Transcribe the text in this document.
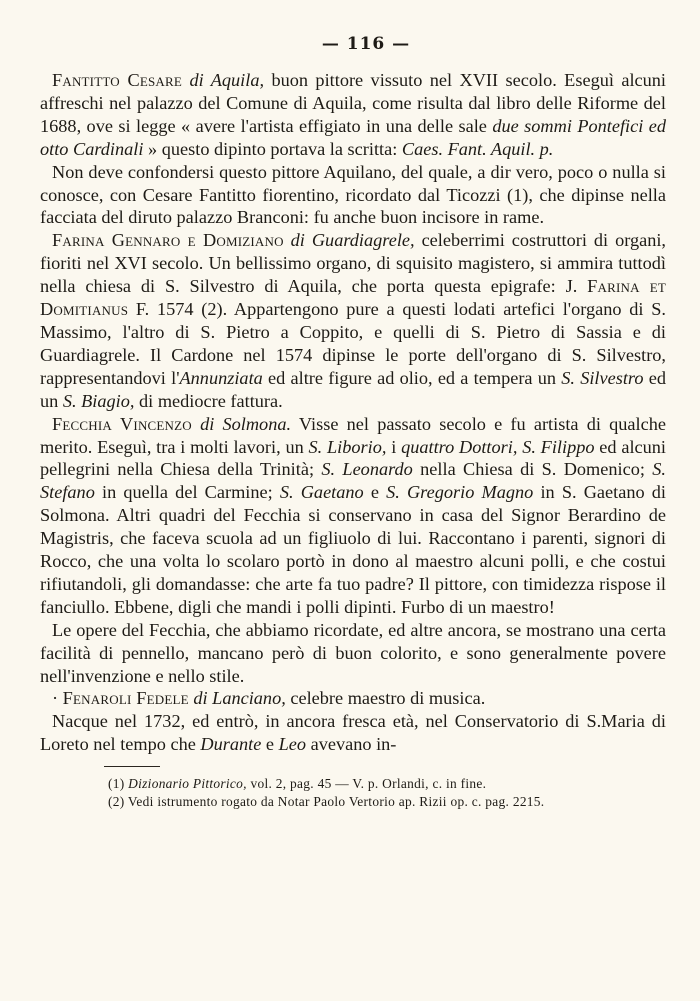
— 116 —

Fantitto Cesare di Aquila, buon pittore vissuto nel XVII secolo. Eseguì alcuni affreschi nel palazzo del Comune di Aquila, come risulta dal libro delle Riforme del 1688, ove si legge « avere l'artista effigiato in una delle sale due sommi Pontefici ed otto Cardinali » questo dipinto portava la scritta: Caes. Fant. Aquil. p.

Non deve confondersi questo pittore Aquilano, del quale, a dir vero, poco o nulla si conosce, con Cesare Fantitto fiorentino, ricordato dal Ticozzi (1), che dipinse nella facciata del diruto palazzo Branconi: fu anche buon incisore in rame.

Farina Gennaro e Domiziano di Guardiagrele, celeberrimi costruttori di organi, fioriti nel XVI secolo. Un bellissimo organo, di squisito magistero, si ammira tuttodì nella chiesa di S. Silvestro di Aquila, che porta questa epigrafe: J. Farina et Domitianus F. 1574 (2). Appartengono pure a questi lodati artefici l'organo di S. Massimo, l'altro di S. Pietro a Coppito, e quelli di S. Pietro di Sassia e di Guardiagrele. Il Cardone nel 1574 dipinse le porte dell'organo di S. Silvestro, rappresentandovi l'Annunziata ed altre figure ad olio, ed a tempera un S. Silvestro ed un S. Biagio, di mediocre fattura.

Fecchia Vincenzo di Solmona. Visse nel passato secolo e fu artista di qualche merito. Eseguì, tra i molti lavori, un S. Liborio, i quattro Dottori, S. Filippo ed alcuni pellegrini nella Chiesa della Trinità; S. Leonardo nella Chiesa di S. Domenico; S. Stefano in quella del Carmine; S. Gaetano e S. Gregorio Magno in S. Gaetano di Solmona. Altri quadri del Fecchia si conservano in casa del Signor Berardino de Magistris, che faceva scuola ad un figliuolo di lui. Raccontano i parenti, signori di Rocco, che una volta lo scolaro portò in dono al maestro alcuni polli, e che costui rifiutandoli, gli domandasse: che arte fa tuo padre? Il pittore, con timidezza rispose il fanciullo. Ebbene, digli che mandi i polli dipinti. Furbo di un maestro!

Le opere del Fecchia, che abbiamo ricordate, ed altre ancora, se mostrano una certa facilità di pennello, mancano però di buon colorito, e sono generalmente povere nell'invenzione e nello stile.

· Fenaroli Fedele di Lanciano, celebre maestro di musica.

Nacque nel 1732, ed entrò, in ancora fresca età, nel Conservatorio di S.Maria di Loreto nel tempo che Durante e Leo avevano in-

(1) Dizionario Pittorico, vol. 2, pag. 45 — V. p. Orlandi, c. in fine.

(2) Vedi istrumento rogato da Notar Paolo Vertorio ap. Rizii op. c. pag. 2215.
